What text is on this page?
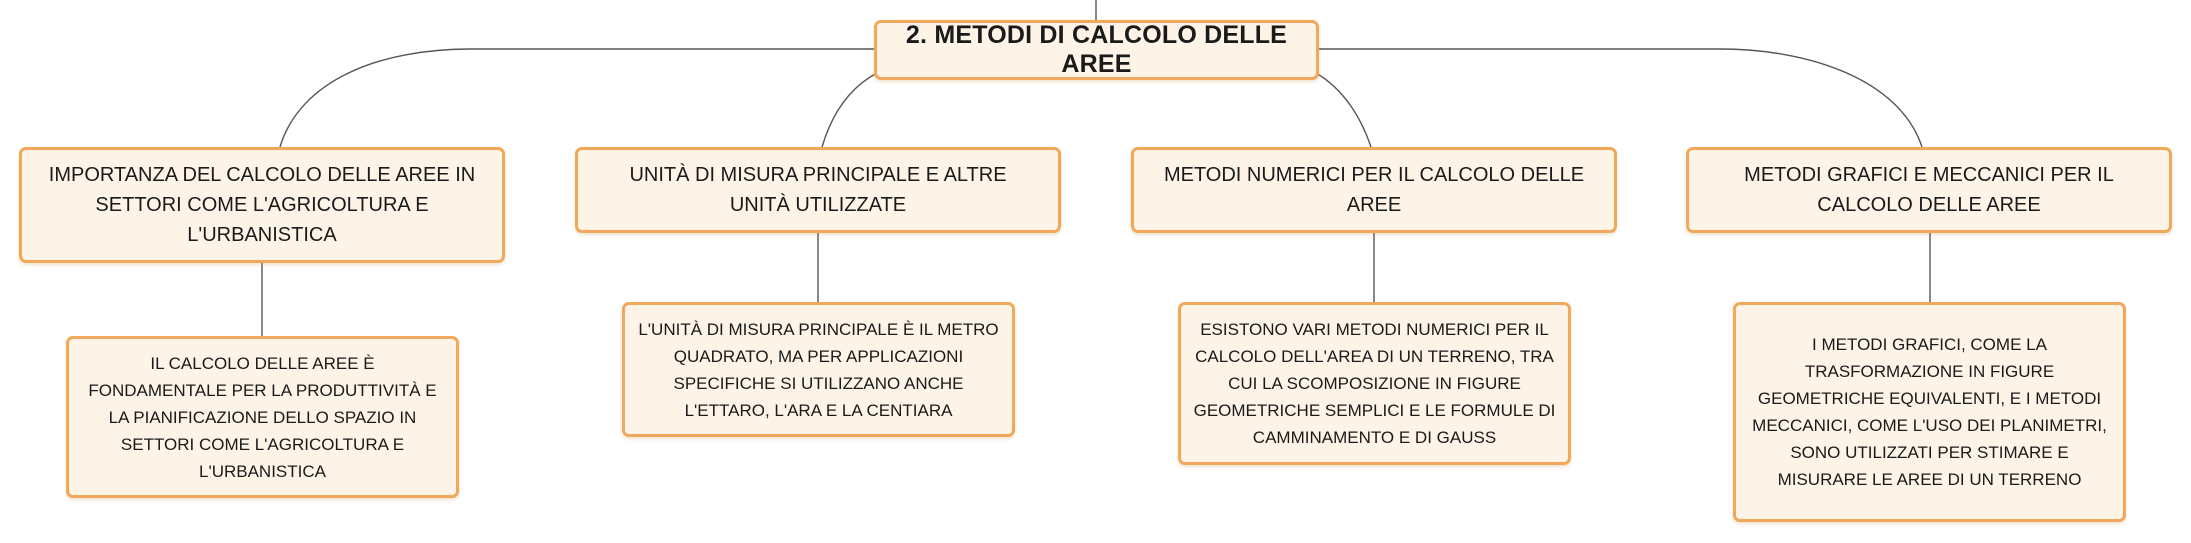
2. METODI DI CALCOLO DELLE AREE
IMPORTANZA DEL CALCOLO DELLE AREE IN SETTORI COME L'AGRICOLTURA E L'URBANISTICA
UNITÀ DI MISURA PRINCIPALE E ALTRE UNITÀ UTILIZZATE
METODI NUMERICI PER IL CALCOLO DELLE AREE
METODI GRAFICI E MECCANICI PER IL CALCOLO DELLE AREE
IL CALCOLO DELLE AREE È FONDAMENTALE PER LA PRODUTTIVITÀ E LA PIANIFICAZIONE DELLO SPAZIO IN SETTORI COME L'AGRICOLTURA E L'URBANISTICA
L'UNITÀ DI MISURA PRINCIPALE È IL METRO QUADRATO, MA PER APPLICAZIONI SPECIFICHE SI UTILIZZANO ANCHE L'ETTARO, L'ARA E LA CENTIARA
ESISTONO VARI METODI NUMERICI PER IL CALCOLO DELL'AREA DI UN TERRENO, TRA CUI LA SCOMPOSIZIONE IN FIGURE GEOMETRICHE SEMPLICI E LE FORMULE DI CAMMINAMENTO E DI GAUSS
I METODI GRAFICI, COME LA TRASFORMAZIONE IN FIGURE GEOMETRICHE EQUIVALENTI, E I METODI MECCANICI, COME L'USO DEI PLANIMETRI, SONO UTILIZZATI PER STIMARE E MISURARE LE AREE DI UN TERRENO
